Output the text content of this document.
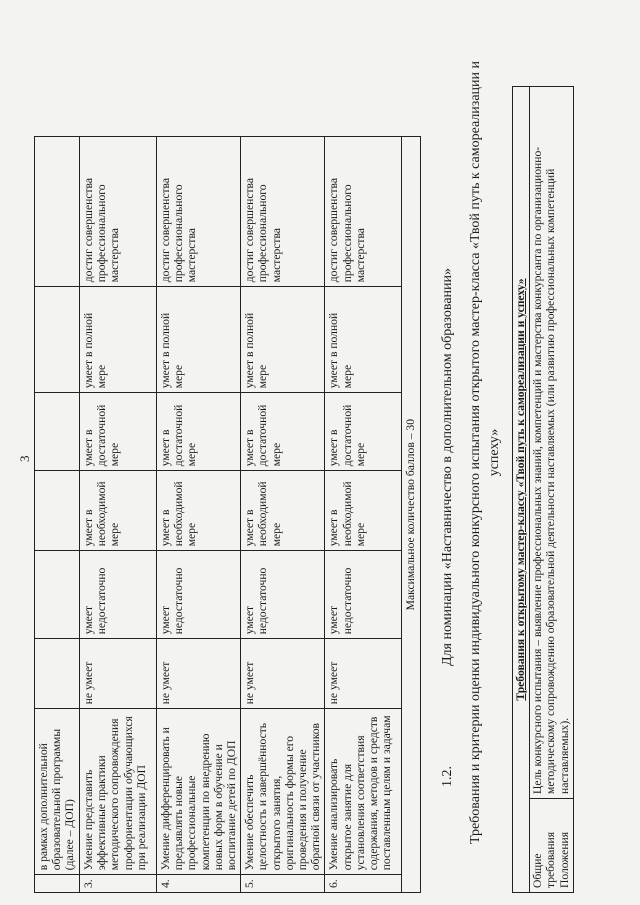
3
	в рамках дополнительной образовательной программы (далее – ДОП)						
3.	Умение представить эффективные практики методического сопровождения профориентации обучающихся при реализации ДОП	не умеет	умеет недостаточно	умеет в необходимой мере	умеет в достаточной мере	умеет в полной мере	достиг совершенства профессионального мастерства
4.	Умение дифференцировать и предъявлять новые профессиональные компетенции по внедрению новых форм в обучение и воспитание детей по ДОП	не умеет	умеет недостаточно	умеет в необходимой мере	умеет в достаточной мере	умеет в полной мере	достиг совершенства профессионального мастерства
5.	Умение обеспечить целостность и завершённость открытого занятия, оригинальность формы его проведения и получение обратной связи от участников	не умеет	умеет недостаточно	умеет в необходимой мере	умеет в достаточной мере	умеет в полной мере	достиг совершенства профессионального мастерства
6.	Умение анализировать открытое занятие для установления соответствия содержания, методов и средств поставленным целям и задачам	не умеет	умеет недостаточно	умеет в необходимой мере	умеет в достаточной мере	умеет в полной мере	достиг совершенства профессионального мастерства
Максимальное количество баллов – 30							
1.2.
Для номинации «Наставничество в дополнительном образовании» Требования и критерии оценки индивидуального конкурсного испытания открытого мастер-класса «Твой путь к самореализации и успеху» Требования к открытому мастер-классу «Твой путь к самореализации и успеху»
Общие требования Положения	Цель конкурсного испытания – выявление профессиональных знаний, компетенций и мастерства конкурсанта по организационно-методическому сопровождению образовательной деятельности наставляемых (или развитию профессиональных компетенций наставляемых).
